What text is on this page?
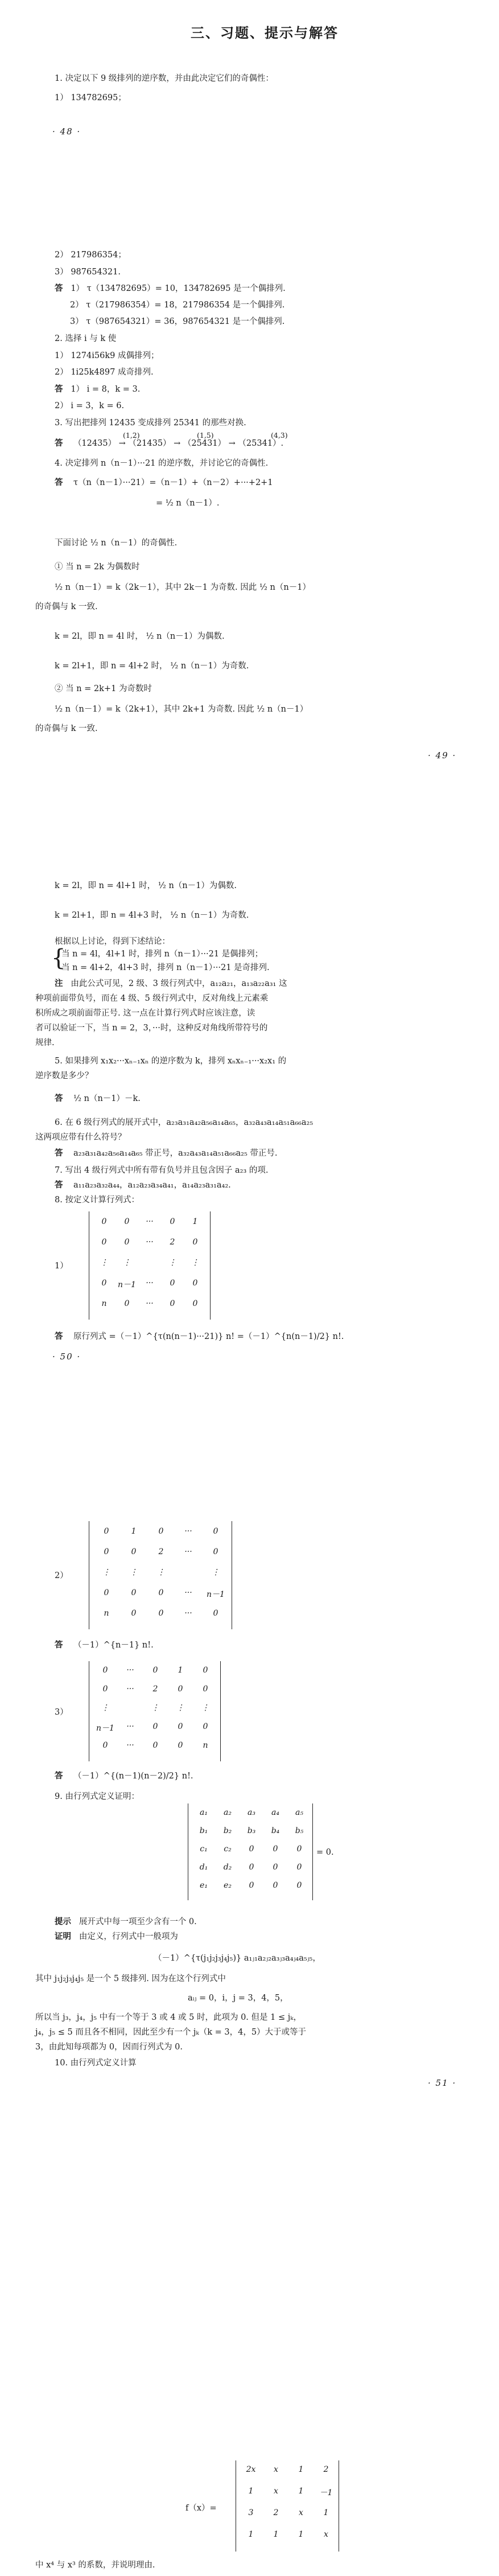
三、习题、提示与解答
1. 决定以下 9 级排列的逆序数，并由此决定它们的奇偶性：
1） 134782695；
· 48 ·
2） 217986354；
3） 987654321.
答 1） τ（134782695）= 10，134782695 是一个偶排列.
2） τ（217986354）= 18，217986354 是一个偶排列.
3） τ（987654321）= 36，987654321 是一个偶排列.
2. 选择 i 与 k 使
1） 1274i56k9 成偶排列；
2） 1i25k4897 成奇排列.
答 1） i = 8，k = 3.
2） i = 3，k = 6.
3. 写出把排列 12435 变成排列 25341 的那些对换.
答 （12435） → （21435） → （25431） → （25341）.
(1,2)	(1,5)	(4,3)
4. 决定排列 n（n－1）···21 的逆序数，并讨论它的奇偶性.
答 τ（n（n－1）···21）=（n－1）+（n－2）+···+2+1
= ½ n（n－1）.
下面讨论 ½ n（n－1）的奇偶性.
① 当 n = 2k 为偶数时
½ n（n－1）= k（2k－1），其中 2k－1 为奇数. 因此 ½ n（n－1）
的奇偶与 k 一致.
k = 2l，即 n = 4l 时， ½ n（n－1）为偶数.
k = 2l+1，即 n = 4l+2 时， ½ n（n－1）为奇数.
② 当 n = 2k+1 为奇数时
½ n（n－1）= k（2k+1），其中 2k+1 为奇数. 因此 ½ n（n－1）
的奇偶与 k 一致.
· 49 ·
k = 2l，即 n = 4l+1 时， ½ n（n－1）为偶数.
k = 2l+1，即 n = 4l+3 时， ½ n（n－1）为奇数.
根据以上讨论，得到下述结论：
{
当 n = 4l，4l+1 时，排列 n（n－1）···21 是偶排列；
当 n = 4l+2，4l+3 时，排列 n（n－1）···21 是奇排列.
注 由此公式可见，2 级、3 级行列式中，a₁₂a₂₁，a₁₃a₂₂a₃₁ 这
种项前面带负号，而在 4 级、5 级行列式中，反对角线上元素乘
积所成之项前面带正号. 这一点在计算行列式时应该注意，读
者可以验证一下，当 n = 2，3，···时，这种反对角线所带符号的
规律.
5. 如果排列 x₁x₂···xₙ₋₁xₙ 的逆序数为 k，排列 xₙxₙ₋₁···x₂x₁ 的
逆序数是多少？
答 ½ n（n－1）－k.
6. 在 6 级行列式的展开式中，a₂₃a₃₁a₄₂a₅₆a₁₄a₆₅，a₃₂a₄₃a₁₄a₅₁a₆₆a₂₅
这两项应带有什么符号？
答 a₂₃a₃₁a₄₂a₅₆a₁₄a₆₅ 带正号，a₃₂a₄₃a₁₄a₅₁a₆₆a₂₅ 带正号.
7. 写出 4 级行列式中所有带有负号并且包含因子 a₂₃ 的项.
答 a₁₁a₂₃a₃₂a₄₄，a₁₂a₂₃a₃₄a₄₁，a₁₄a₂₃a₃₁a₄₂.
8. 按定义计算行列式：
1）
0	0	···	0	1
0	0	···	2	0
⋮	⋮	⋮	⋮
0	n－1	···	0	0
n	0	···	0	0
答 原行列式 =（－1）^{τ(n(n－1)···21)} n! =（－1）^{n(n－1)/2} n!.
· 50 ·
2）
0	1	0	···	0
0	0	2	···	0
⋮	⋮	⋮	⋮
0	0	0	···	n－1
n	0	0	···	0
答 （－1）^{n－1} n!.
3）
0	···	0	1	0
0	···	2	0	0
⋮	⋮	⋮	⋮
n－1	···	0	0	0
0	···	0	0	n
答 （－1）^{(n－1)(n－2)/2} n!.
9. 由行列式定义证明：
a₁	a₂	a₃	a₄	a₅
b₁	b₂	b₃	b₄	b₅
c₁	c₂	0	0	0
d₁	d₂	0	0	0
e₁	e₂	0	0	0
= 0.
提示 展开式中每一项至少含有一个 0.
证明 由定义，行列式中一般项为
（－1）^{τ(j₁j₂j₃j₄j₅)} a₁ⱼ₁a₂ⱼ₂a₃ⱼ₃a₄ⱼ₄a₅ⱼ₅，
其中 j₁j₂j₃j₄j₅ 是一个 5 级排列. 因为在这个行列式中
aᵢⱼ = 0，i，j = 3，4，5，
所以当 j₃，j₄，j₅ 中有一个等于 3 或 4 或 5 时，此项为 0. 但是 1 ≤ jₖ，
j₄，j₅ ≤ 5 而且各不相同，因此至少有一个 jₖ（k = 3，4，5）大于或等于
3，由此知每项都为 0，因而行列式为 0.
10. 由行列式定义计算
· 51 ·
f（x）=
2x	x	1	2
1	x	1	－1
3	2	x	1
1	1	1	x
中 x⁴ 与 x³ 的系数，并说明理由.
